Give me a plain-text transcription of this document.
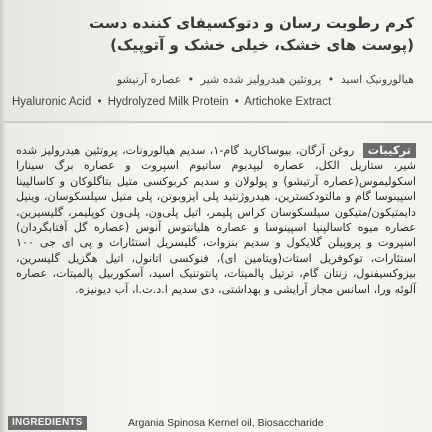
کرم رطوبت رسان و دتوکسیفای کننده دست
(پوست های خشک، خیلی خشک و آتوپیک)
هیالورونیک اسید • پروتئین هیدرولیز شده شیر • عصاره آرتیشو
Hyaluronic Acid • Hydrolyzed Milk Protein • Artichoke Extract
ترکیبات روغن آرگان، بیوساکارید گام-۱، سدیم هیالورونات، پروتئین هیدرولیز شده شیر، ستاریل الکل، عصاره لیپدیوم ساتیوم اسپروت و عصاره برگ سینارا اسکولیموس(عصاره آرتیشو) و پولولان و سدیم کربوکسی متیل بتاگلوکان و کاسالپینا اسپینوسا گام و مالتودکسترین، هیدروژنتید پلی ایزوبوتن، پلی متیل سیلسکوسان، وینیل دایمتیکون/متیکون سیلسکوسان کراس پلیمر، اتیل پلی‌ون، پلی‌ون کوپلیمر، گلیسیرین، عصاره میوه کاسالپنیا اسپینوسا و عصاره هلیانتوس آنوس (عصاره گل آفتابگردان) اسپروت و پروپیلن گلایکول و سدیم بنزوات، گلیسریل استئارات و پی ای جی ۱۰۰ استئارات، توکوفریل استات(ویتامین ای)، فنوکسی اتانول، اتیل هگزیل گلیسرین، بیزوکسیفنول، زنتان گام، ترتیل پالمیتات، پانتوتنیک اسید، آسکوربیل پالمیتات، عصاره آلوئه ورا، اسانس مجاز آرایشی و بهداشتی، دی سدیم ا.د.ت.ا، آب دیونیزه.
INGREDIENTS	Argania Spinosa Kernel oil, Biosaccharide
